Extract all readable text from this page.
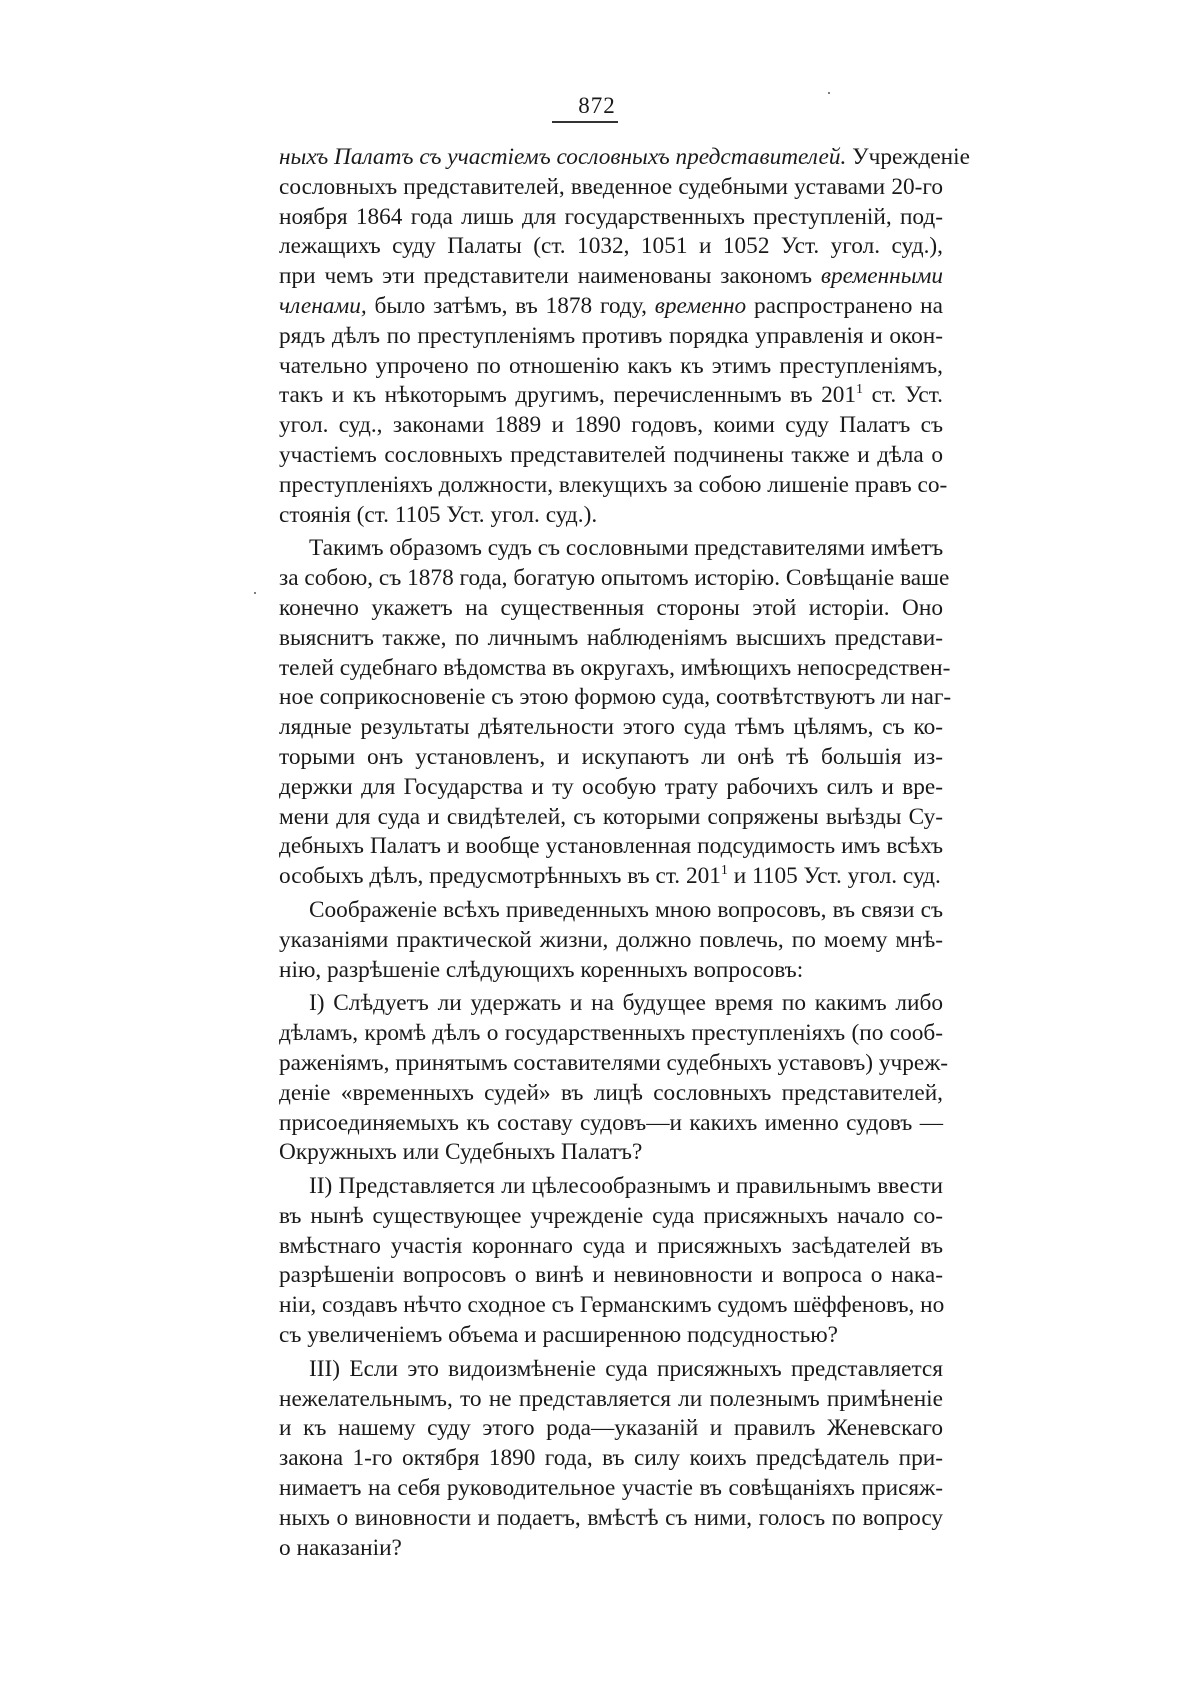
872
ныхъ Палатъ съ участіемъ сословныхъ представителей. Учрежденіе
сословныхъ представителей, введенное судебными уставами 20-го
ноября 1864 года лишь для государственныхъ преступленій, под-
лежащихъ суду Палаты (ст. 1032, 1051 и 1052 Уст. угол. суд.),
при чемъ эти представители наименованы закономъ временными
членами, было затѣмъ, въ 1878 году, временно распространено на
рядъ дѣлъ по преступленіямъ противъ порядка управленія и окон-
чательно упрочено по отношенію какъ къ этимъ преступленіямъ,
такъ и къ нѣкоторымъ другимъ, перечисленнымъ въ $201^1$ ст. Уст.
угол. суд., законами 1889 и 1890 годовъ, коими суду Палатъ съ
участіемъ сословныхъ представителей подчинены также и дѣла о
преступленіяхъ должности, влекущихъ за собою лишеніе правъ со-
стоянія (ст. 1105 Уст. угол. суд.).
Такимъ образомъ судъ съ сословными представителями имѣетъ
за собою, съ 1878 года, богатую опытомъ исторію. Совѣщаніе ваше
конечно укажетъ на существенныя стороны этой исторіи. Оно
выяснитъ также, по личнымъ наблюденіямъ высшихъ представи-
телей судебнаго вѣдомства въ округахъ, имѣющихъ непосредствен-
ное соприкосновеніе съ этою формою суда, соотвѣтствуютъ ли наг-
лядные результаты дѣятельности этого суда тѣмъ цѣлямъ, съ ко-
торыми онъ установленъ, и искупаютъ ли онѣ тѣ большія из-
держки для Государства и ту особую трату рабочихъ силъ и вре-
мени для суда и свидѣтелей, съ которыми сопряжены выѣзды Су-
дебныхъ Палатъ и вообще установленная подсудимость имъ всѣхъ
особыхъ дѣлъ, предусмотрѣнныхъ въ ст. $201^1$ и 1105 Уст. угол. суд.
Соображеніе всѣхъ приведенныхъ мною вопросовъ, въ связи съ
указаніями практической жизни, должно повлечь, по моему мнѣ-
нію, разрѣшеніе слѣдующихъ коренныхъ вопросовъ:
I) Слѣдуетъ ли удержать и на будущее время по какимъ либо
дѣламъ, кромѣ дѣлъ о государственныхъ преступленіяхъ (по сооб-
раженіямъ, принятымъ составителями судебныхъ уставовъ) учреж-
деніе «временныхъ судей» въ лицѣ сословныхъ представителей,
присоединяемыхъ къ составу судовъ—и какихъ именно судовъ —
Окружныхъ или Судебныхъ Палатъ?
II) Представляется ли цѣлесообразнымъ и правильнымъ ввести
въ нынѣ существующее учрежденіе суда присяжныхъ начало со-
вмѣстнаго участія короннаго суда и присяжныхъ засѣдателей въ
разрѣшеніи вопросовъ о винѣ и невиновности и вопроса о нака-
ніи, создавъ нѣчто сходное съ Германскимъ судомъ шёффеновъ, но
съ увеличеніемъ объема и расширенною подсудностью?
III) Если это видоизмѣненіе суда присяжныхъ представляется
нежелательнымъ, то не представляется ли полезнымъ примѣненіе
и къ нашему суду этого рода—указаній и правилъ Женевскаго
закона 1-го октября 1890 года, въ силу коихъ предсѣдатель при-
нимаетъ на себя руководительное участіе въ совѣщаніяхъ присяж-
ныхъ о виновности и подаетъ, вмѣстѣ съ ними, голосъ по вопросу
о наказаніи?
